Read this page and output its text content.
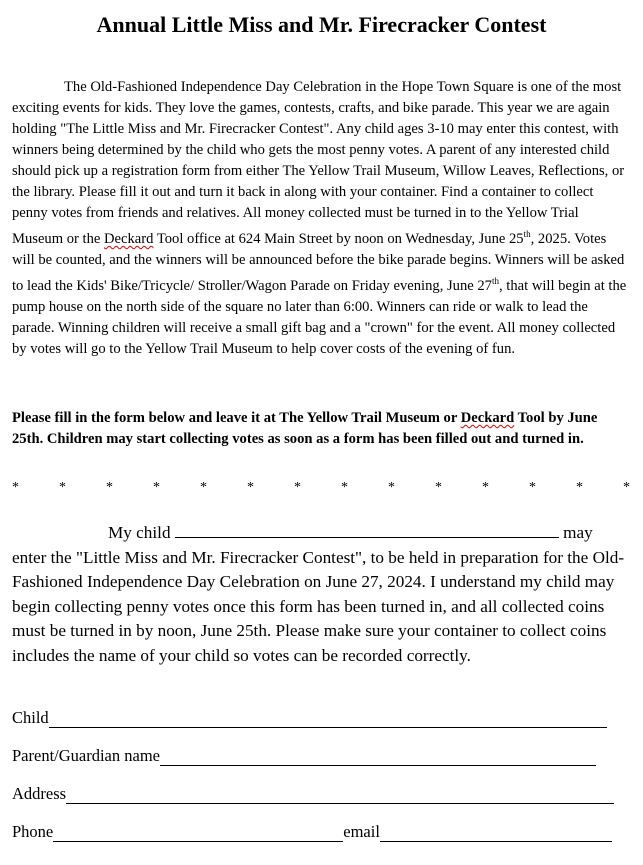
Annual Little Miss and Mr. Firecracker Contest

The Old-Fashioned Independence Day Celebration in the Hope Town Square is one of the most exciting events for kids. They love the games, contests, crafts, and bike parade. This year we are again holding "The Little Miss and Mr. Firecracker Contest". Any child ages 3-10 may enter this contest, with winners being determined by the child who gets the most penny votes. A parent of any interested child should pick up a registration form from either The Yellow Trail Museum, Willow Leaves, Reflections, or the library. Please fill it out and turn it back in along with your container. Find a container to collect penny votes from friends and relatives. All money collected must be turned in to the Yellow Trial Museum or the Deckard Tool office at 624 Main Street by noon on Wednesday, June 25th, 2025. Votes will be counted, and the winners will be announced before the bike parade begins. Winners will be asked to lead the Kids' Bike/Tricycle/ Stroller/Wagon Parade on Friday evening, June 27th, that will begin at the pump house on the north side of the square no later than 6:00. Winners can ride or walk to lead the parade. Winning children will receive a small gift bag and a "crown" for the event. All money collected by votes will go to the Yellow Trail Museum to help cover costs of the evening of fun.

Please fill in the form below and leave it at The Yellow Trail Museum or Deckard Tool by June 25th. Children may start collecting votes as soon as a form has been filled out and turned in.

*	*	*	*	*	*	*	*	*	*	*	*	*	*

My child	may enter the "Little Miss and Mr. Firecracker Contest", to be held in preparation for the Old-Fashioned Independence Day Celebration on June 27, 2024. I understand my child may begin collecting penny votes once this form has been turned in, and all collected coins must be turned in by noon, June 25th. Please make sure your container to collect coins includes the name of your child so votes can be recorded correctly.

Child
Parent/Guardian name
Address
Phone	email
